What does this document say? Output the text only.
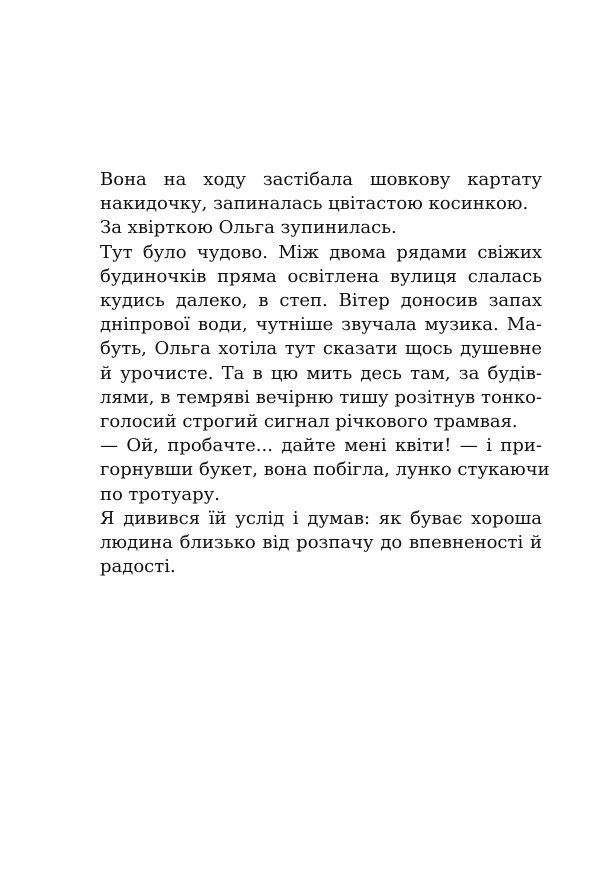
Вона на ходу застібала шовкову картату
накидочку, запиналась цвітастою косинкою.

За хвірткою Ольга зупинилась.

Тут було чудово. Між двома рядами свіжих
будиночків пряма освітлена вулиця слалась
кудись далеко, в степ. Вітер доносив запах
дніпрової води, чутніше звучала музика. Ма-
буть, Ольга хотіла тут сказати щось душевне
й урочисте. Та в цю мить десь там, за будів-
лями, в темряві вечірню тишу розітнув тонко-
голосий строгий сигнал річкового трамвая.

— Ой, пробачте... дайте мені квіти! — і при-
горнувши букет, вона побігла, лунко стукаючи
по тротуару.

Я дивився їй услід і думав: як буває хороша
людина близько від розпачу до впевненості й
радості.
